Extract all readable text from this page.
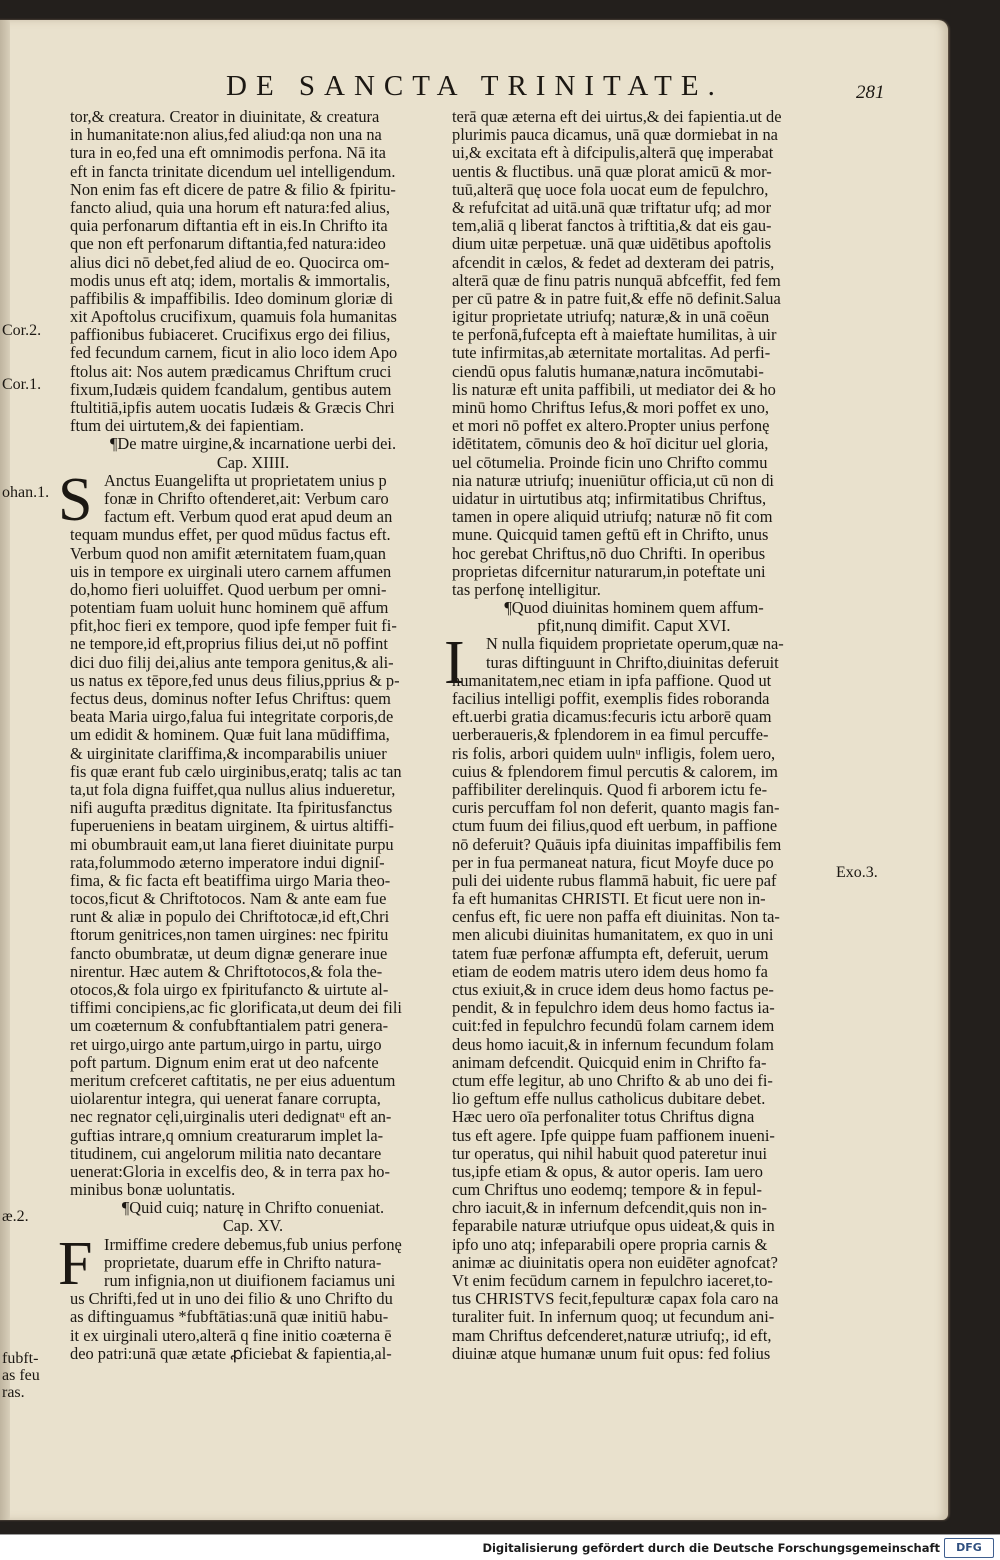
DE SANCTA TRINITATE.	281
tor,& creatura. Creator in diuinitate, & creatura
in humanitate:non alius,fed aliud:qa non una na
tura in eo,fed una eft omnimodis perfona. Nā ita
eft in fancta trinitate dicendum uel intelligendum.
Non enim fas eft dicere de patre & filio & fpiritu-
fancto aliud, quia una horum eft natura:fed alius,
quia perfonarum diftantia eft in eis.In Chrifto ita
que non eft perfonarum diftantia,fed natura:ideo
alius dici nō debet,fed aliud de eo. Quocirca om-
modis unus eft atq; idem, mortalis & immortalis,
paffibilis & impaffibilis. Ideo dominum gloriæ di
xit Apoftolus crucifixum, quamuis fola humanitas
paffionibus fubiaceret. Crucifixus ergo dei filius,
fed fecundum carnem, ficut in alio loco idem Apo
ftolus ait: Nos autem prædicamus Chriftum cruci
fixum,Iudæis quidem fcandalum, gentibus autem
ftultitiā,ipfis autem uocatis Iudæis & Græcis Chri
ftum dei uirtutem,& dei fapientiam.
¶De matre uirgine,& incarnatione uerbi dei.
Cap. XIIII.
S Anctus Euangelifta ut proprietatem unius p
fonæ in Chrifto oftenderet,ait: Verbum caro
factum eft. Verbum quod erat apud deum an
tequam mundus effet, per quod mūdus factus eft.
Verbum quod non amifit æternitatem fuam,quan
uis in tempore ex uirginali utero carnem affumen
do,homo fieri uoluiffet. Quod uerbum per omni-
potentiam fuam uoluit hunc hominem quē affum
pfit,hoc fieri ex tempore, quod ipfe femper fuit fi-
ne tempore,id eft,proprius filius dei,ut nō poffint
dici duo filij dei,alius ante tempora genitus,& ali-
us natus ex tēpore,fed unus deus filius,pprius & p-
fectus deus, dominus nofter Iefus Chriftus: quem
beata Maria uirgo,falua fui integritate corporis,de
um edidit & hominem. Quæ fuit lana mūdiffima,
& uirginitate clariffima,& incomparabilis uniuer
fis quæ erant fub cælo uirginibus,eratq; talis ac tan
ta,ut fola digna fuiffet,qua nullus alius indueretur,
nifi augufta præditus dignitate. Ita fpiritusfanctus
fuperueniens in beatam uirginem, & uirtus altiffi-
mi obumbrauit eam,ut lana fieret diuinitate purpu
rata,folummodo æterno imperatore indui digniſ-
fima, & fic facta eft beatiffima uirgo Maria theo-
tocos,ficut & Chriftotocos. Nam & ante eam fue
runt & aliæ in populo dei Chriftotocæ,id eft,Chri
ftorum genitrices,non tamen uirgines: nec fpiritu
fancto obumbratæ, ut deum dignæ generare inue
nirentur. Hæc autem & Chriftotocos,& fola the-
otocos,& fola uirgo ex fpiritufancto & uirtute al-
tiffimi concipiens,ac fic glorificata,ut deum dei fili
um coæternum & confubftantialem patri genera-
ret uirgo,uirgo ante partum,uirgo in partu, uirgo
poft partum. Dignum enim erat ut deo nafcente
meritum crefceret caftitatis, ne per eius aduentum
uiolarentur integra, qui uenerat fanare corrupta,
nec regnator cęli,uirginalis uteri dedignatᵘ eft an-
guftias intrare,q omnium creaturarum implet la-
titudinem, cui angelorum militia nato decantare
uenerat:Gloria in excelfis deo, & in terra pax ho-
minibus bonæ uoluntatis.
¶Quid cuiq; naturę in Chrifto conueniat.
Cap. XV.
F Irmiffime credere debemus,fub unius perfonę
proprietate, duarum effe in Chrifto natura-
rum infignia,non ut diuifionem faciamus uni
us Chrifti,fed ut in uno dei filio & uno Chrifto du
as diftinguamus *fubftātias:unā quæ initiū habu-
it ex uirginali utero,alterā q fine initio coæterna ē
deo patri:unā quæ ætate ꝓficiebat & fapientia,al-
terā quæ æterna eft dei uirtus,& dei fapientia.ut de
plurimis pauca dicamus, unā quæ dormiebat in na
ui,& excitata eft à difcipulis,alterā quę imperabat
uentis & fluctibus. unā quæ plorat amicū & mor-
tuū,alterā quę uoce fola uocat eum de fepulchro,
& refufcitat ad uitā.unā quæ triftatur ufq; ad mor
tem,aliā q liberat fanctos à triftitia,& dat eis gau-
dium uitæ perpetuæ. unā quæ uidētibus apoftolis
afcendit in cælos, & fedet ad dexteram dei patris,
alterā quæ de finu patris nunquā abfceffit, fed fem
per cū patre & in patre fuit,& effe nō definit.Salua
igitur proprietate utriufq; naturæ,& in unā coēun
te perfonā,fufcepta eft à maieftate humilitas, à uir
tute infirmitas,ab æternitate mortalitas. Ad perfi-
ciendū opus falutis humanæ,natura incōmutabi-
lis naturæ eft unita paffibili, ut mediator dei & ho
minū homo Chriftus Iefus,& mori poffet ex uno,
et mori nō poffet ex altero.Propter unius perfonę
idētitatem, cōmunis deo & hoī dicitur uel gloria,
uel cōtumelia. Proinde ficin uno Chrifto commu
nia naturæ utriufq; inueniūtur officia,ut cū non di
uidatur in uirtutibus atq; infirmitatibus Chriftus,
tamen in opere aliquid utriufq; naturæ nō fit com
mune. Quicquid tamen geftū eft in Chrifto, unus
hoc gerebat Chriftus,nō duo Chrifti. In operibus
proprietas difcernitur naturarum,in poteftate uni
tas perfonę intelligitur.
¶Quod diuinitas hominem quem affum-
pfit,nunq dimifit. Caput XVI.
I N nulla fiquidem proprietate operum,quæ na-
turas diftinguunt in Chrifto,diuinitas deferuit
humanitatem,nec etiam in ipfa paffione. Quod ut
facilius intelligi poffit, exemplis fides roboranda
eft.uerbi gratia dicamus:fecuris ictu arborē quam
uerberaueris,& fplendorem in ea fimul percuffe-
ris folis, arbori quidem uulnᵘ infligis, folem uero,
cuius & fplendorem fimul percutis & calorem, im
paffibiliter derelinquis. Quod fi arborem ictu fe-
curis percuffam fol non deferit, quanto magis fan-
ctum fuum dei filius,quod eft uerbum, in paffione
nō deferuit? Quāuis ipfa diuinitas impaffibilis fem
per in fua permaneat natura, ficut Moyfe duce po
puli dei uidente rubus flammā habuit, fic uere paf
fa eft humanitas CHRISTI. Et ficut uere non in-
cenfus eft, fic uere non paffa eft diuinitas. Non ta-
men alicubi diuinitas humanitatem, ex quo in uni
tatem fuæ perfonæ affumpta eft, deferuit, uerum
etiam de eodem matris utero idem deus homo fa
ctus exiuit,& in cruce idem deus homo factus pe-
pendit, & in fepulchro idem deus homo factus ia-
cuit:fed in fepulchro fecundū folam carnem idem
deus homo iacuit,& in infernum fecundum folam
animam defcendit. Quicquid enim in Chrifto fa-
ctum effe legitur, ab uno Chrifto & ab uno dei fi-
lio geftum effe nullus catholicus dubitare debet.
Hæc uero oīa perfonaliter totus Chriftus digna
tus eft agere. Ipfe quippe fuam paffionem inueni-
tur operatus, qui nihil habuit quod pateretur inui
tus,ipfe etiam & opus, & autor operis. Iam uero
cum Chriftus uno eodemq; tempore & in fepul-
chro iacuit,& in infernum defcendit,quis non in-
feparabile naturæ utriufque opus uideat,& quis in
ipfo uno atq; infeparabili opere propria carnis &
animæ ac diuinitatis opera non euidēter agnofcat?
Vt enim fecūdum carnem in fepulchro iaceret,to-
tus CHRISTVS fecit,fepulturæ capax fola caro na
turaliter fuit. In infernum quoq; ut fecundum ani-
mam Chriftus defcenderet,naturæ utriufq;, id eft,
diuinæ atque humanæ unum fuit opus: fed folius
Cor.2.
Cor.1.
ohan.1.
æ.2.
fubft-
as feu
ras.
Exo.3.
Digitalisierung gefördert durch die Deutsche Forschungsgemeinschaft	DFG
